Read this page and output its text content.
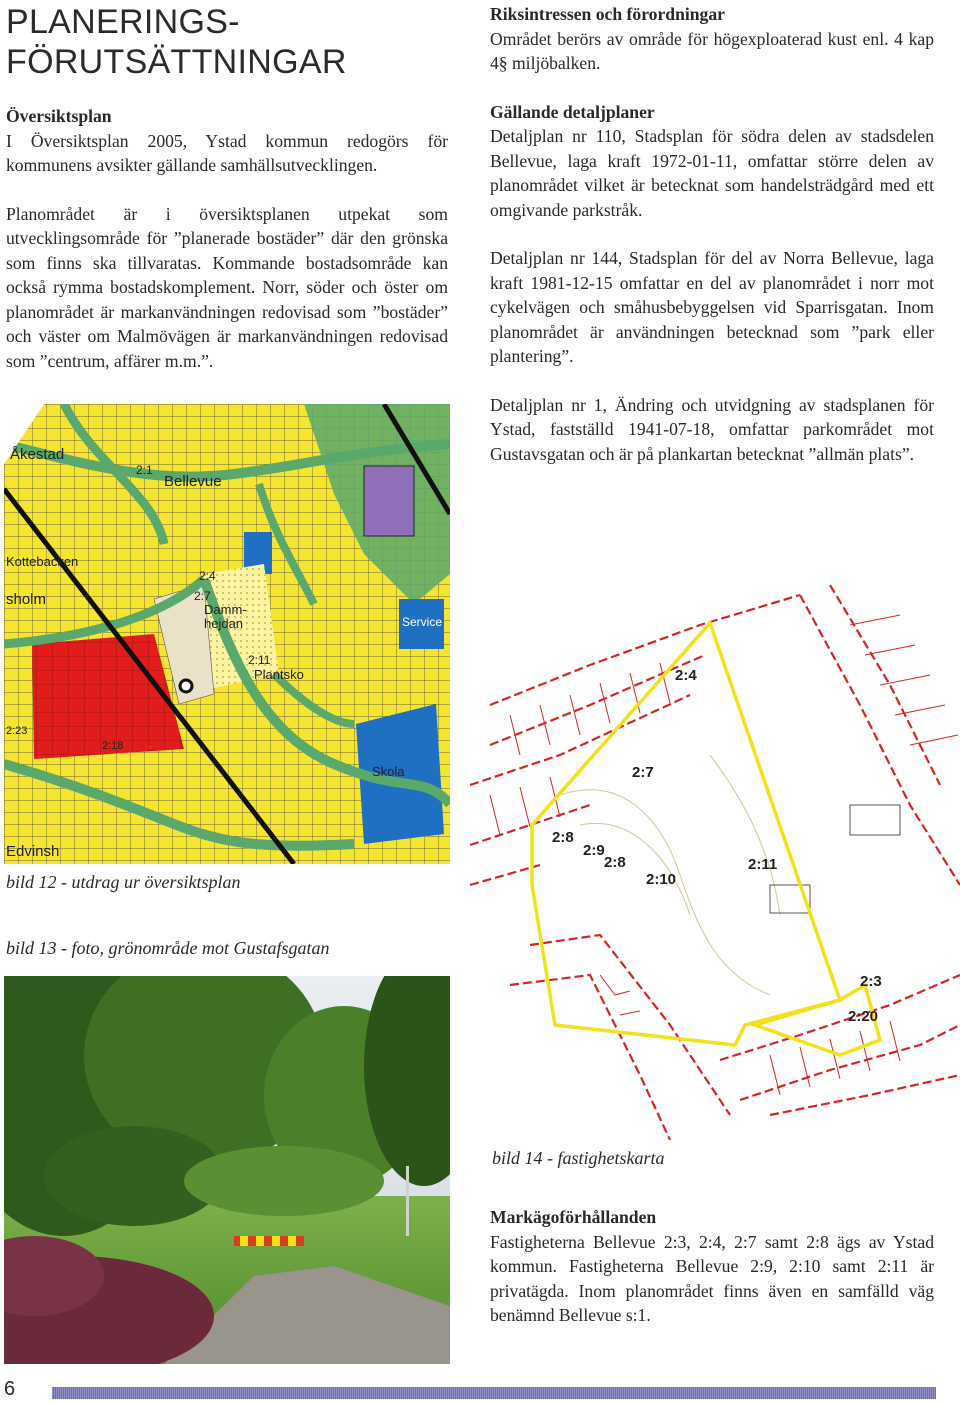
PLANERINGS-
FÖRUTSÄTTNINGAR

Översiktsplan
I Översiktsplan 2005, Ystad kommun redogörs för kommunens avsikter gällande samhällsutvecklingen.

Planområdet är i översiktsplanen utpekat som utvecklingsområde för ”planerade bostäder” där den grönska som finns ska tillvaratas. Kommande bostadsområde kan också rymma bostadskomplement. Norr, söder och öster om planområdet är markanvändningen redovisad som ”bostäder” och väster om Malmövägen är markanvändningen redovisad som ”centrum, affärer m.m.”.

Åkestad
Bellevue
2:1
Kottebacken
sholm
2:4
2:7
Damm-
hejdan
2:11
Plantsko
Service
Skola
Edvinsh
2:23
2:18
bild 12 - utdrag ur översiktsplan
bild 13 - foto, grönområde mot Gustafsgatan

Riksintressen och förordningar
Området berörs av område för högexploaterad kust enl. 4 kap 4§ miljöbalken.

Gällande detaljplaner
Detaljplan nr 110, Stadsplan för södra delen av stadsdelen Bellevue, laga kraft 1972-01-11, omfattar större delen av planområdet vilket är betecknat som handelsträdgård med ett omgivande parkstråk.

Detaljplan nr 144, Stadsplan för del av Norra Bellevue, laga kraft 1981-12-15 omfattar en del av planområdet i norr mot cykelvägen och småhusbebyggelsen vid Sparrisgatan. Inom planområdet är användningen betecknad som ”park eller plantering”.

Detaljplan nr 1, Ändring och utvidgning av stadsplanen för Ystad, fastställd 1941-07-18, omfattar parkområdet mot Gustavsgatan och är på plankartan betecknat ”allmän plats”.

2:4
2:7
2:8
2:9
2:8	2:11
2:10
2:3
2:20
bild 14 - fastighetskarta

Markägoförhållanden
Fastigheterna Bellevue 2:3, 2:4, 2:7 samt 2:8 ägs av Ystad kommun. Fastigheterna Bellevue 2:9, 2:10 samt 2:11 är privatägda. Inom planområdet finns även en samfälld väg benämnd Bellevue s:1.

6
